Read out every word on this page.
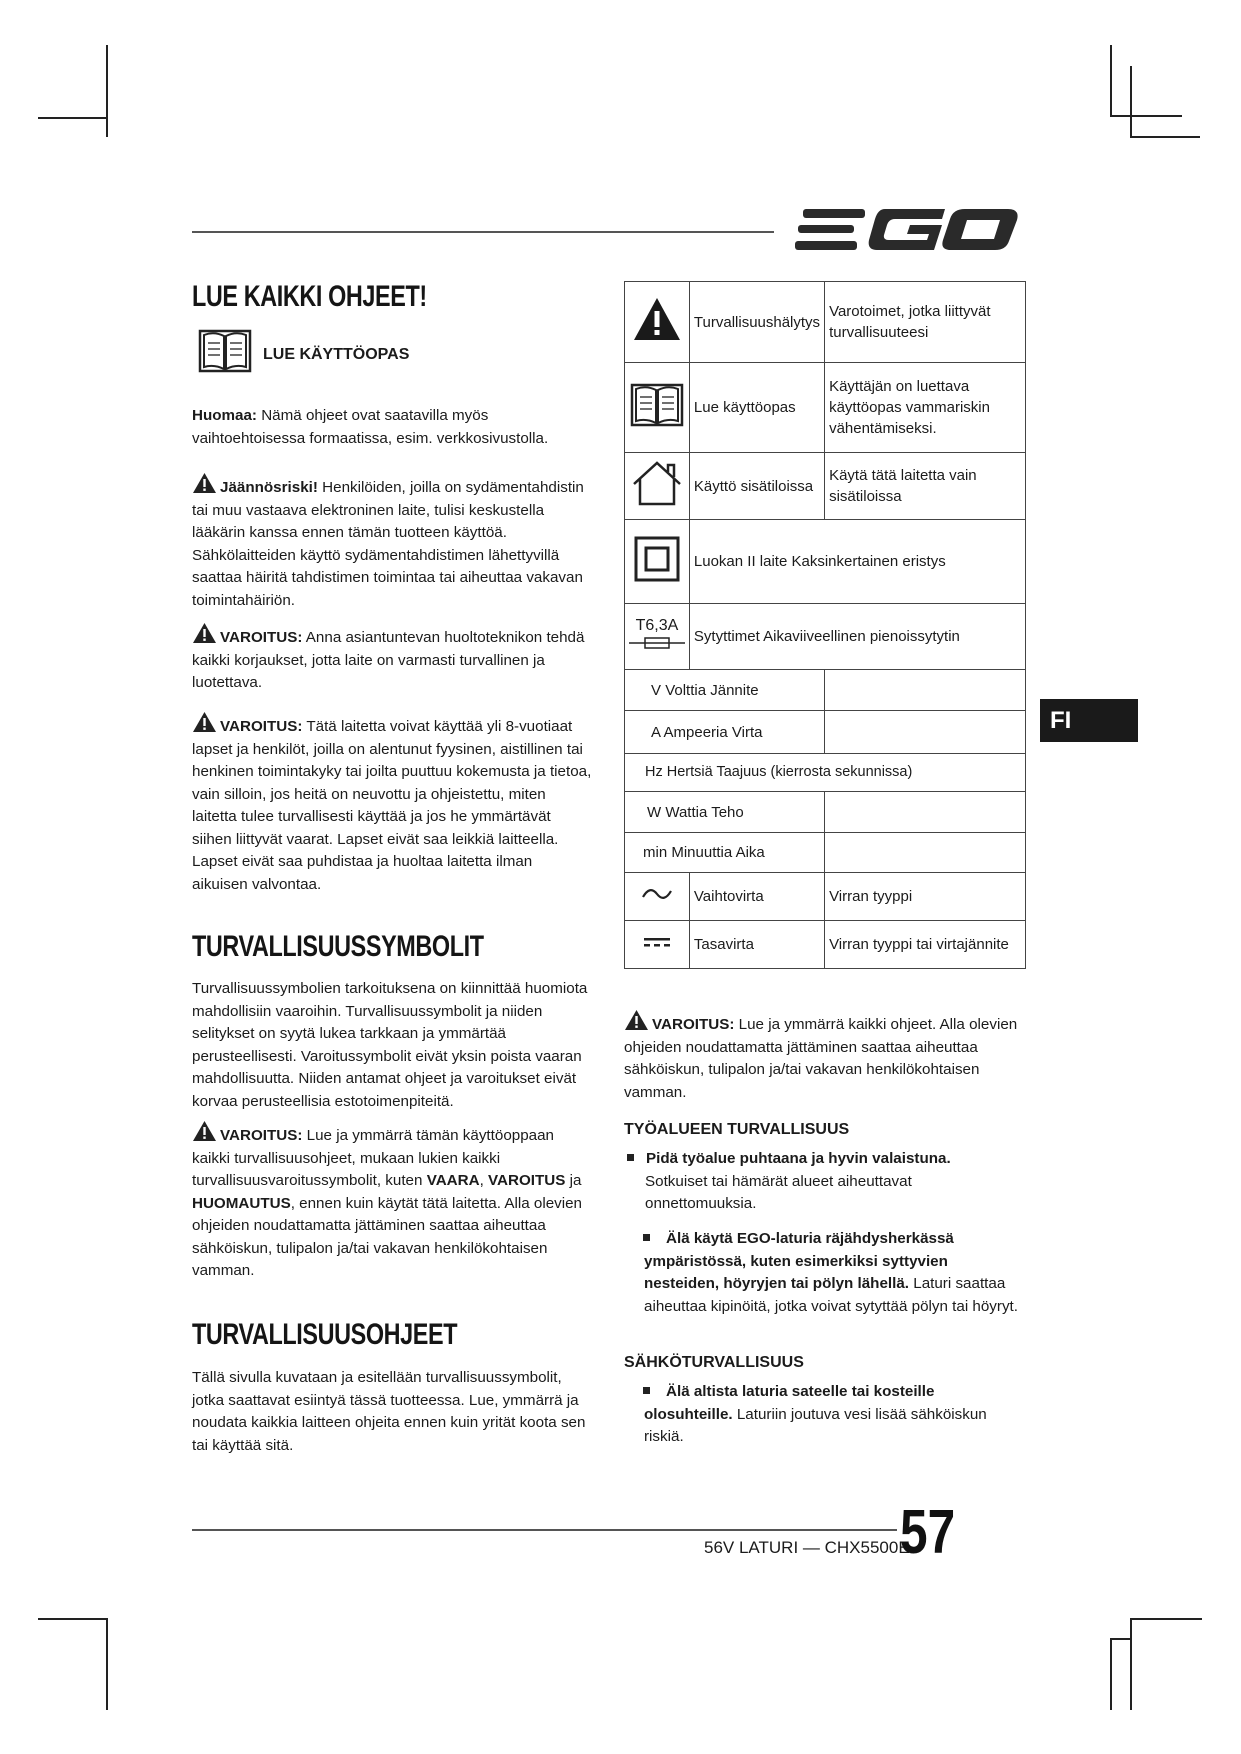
LUE KAIKKI OHJEET!
LUE KÄYTTÖOPAS
Huomaa: Nämä ohjeet ovat saatavilla myös vaihtoehtoisessa formaatissa, esim. verkkosivustolla.
Jäännösriski! Henkilöiden, joilla on sydämentahdistin tai muu vastaava elektroninen laite, tulisi keskustella lääkärin kanssa ennen tämän tuotteen käyttöä. Sähkölaitteiden käyttö sydämentahdistimen lähettyvillä saattaa häiritä tahdistimen toimintaa tai aiheuttaa vakavan toimintahäiriön.
VAROITUS: Anna asiantuntevan huoltoteknikon tehdä kaikki korjaukset, jotta laite on varmasti turvallinen ja luotettava.
VAROITUS: Tätä laitetta voivat käyttää yli 8-vuotiaat lapset ja henkilöt, joilla on alentunut fyysinen, aistillinen tai henkinen toimintakyky tai joilta puuttuu kokemusta ja tietoa, vain silloin, jos heitä on neuvottu ja ohjeistettu, miten laitetta tulee turvallisesti käyttää ja jos he ymmärtävät siihen liittyvät vaarat. Lapset eivät saa leikkiä laitteella. Lapset eivät saa puhdistaa ja huoltaa laitetta ilman aikuisen valvontaa.
TURVALLISUUSSYMBOLIT
Turvallisuussymbolien tarkoituksena on kiinnittää huomiota mahdollisiin vaaroihin. Turvallisuussymbolit ja niiden selitykset on syytä lukea tarkkaan ja ymmärtää perusteellisesti. Varoitussymbolit eivät yksin poista vaaran mahdollisuutta. Niiden antamat ohjeet ja varoitukset eivät korvaa perusteellisia estotoimenpiteitä.
VAROITUS: Lue ja ymmärrä tämän käyttöoppaan kaikki turvallisuusohjeet, mukaan lukien kaikki turvallisuusvaroitussymbolit, kuten VAARA, VAROITUS ja HUOMAUTUS, ennen kuin käytät tätä laitetta. Alla olevien ohjeiden noudattamatta jättäminen saattaa aiheuttaa sähköiskun, tulipalon ja/tai vakavan henkilökohtaisen vamman.
TURVALLISUUSOHJEET
Tällä sivulla kuvataan ja esitellään turvallisuussymbolit, jotka saattavat esiintyä tässä tuotteessa. Lue, ymmärrä ja noudata kaikkia laitteen ohjeita ennen kuin yrität koota sen tai käyttää sitä.
	Turvallisuushälytys	Varotoimet, jotka liittyvät turvallisuuteesi
	Lue käyttöopas	Käyttäjän on luettava käyttöopas vammariskin vähentämiseksi.
	Käyttö sisätiloissa	Käytä tätä laitetta vain sisätiloissa
	Luokan II laite Kaksinkertainen eristys	

T6,3A	Sytyttimet Aikaviiveellinen pienoissytytin	
V Volttia Jännite		
A Ampeeria Virta		
Hz Hertsiä Taajuus (kierrosta sekunnissa)		
W Wattia Teho		
min Minuuttia Aika		
	Vaihtovirta	Virran tyyppi
	Tasavirta	Virran tyyppi tai virtajännite
VAROITUS: Lue ja ymmärrä kaikki ohjeet. Alla olevien ohjeiden noudattamatta jättäminen saattaa aiheuttaa sähköiskun, tulipalon ja/tai vakavan henkilökohtaisen vamman.
TYÖALUEEN TURVALLISUUS
Pidä työalue puhtaana ja hyvin valaistuna.
Sotkuiset tai hämärät alueet aiheuttavat onnettomuuksia.
Älä käytä EGO-laturia räjähdysherkässä ympäristössä, kuten esimerkiksi syttyvien nesteiden, höyryjen tai pölyn lähellä. Laturi saattaa aiheuttaa kipinöitä, jotka voivat sytyttää pölyn tai höyryt.
SÄHKÖTURVALLISUUS
Älä altista laturia sateelle tai kosteille olosuhteille. Laturiin joutuva vesi lisää sähköiskun riskiä.
FI
56V LATURI — CHX5500E
57
